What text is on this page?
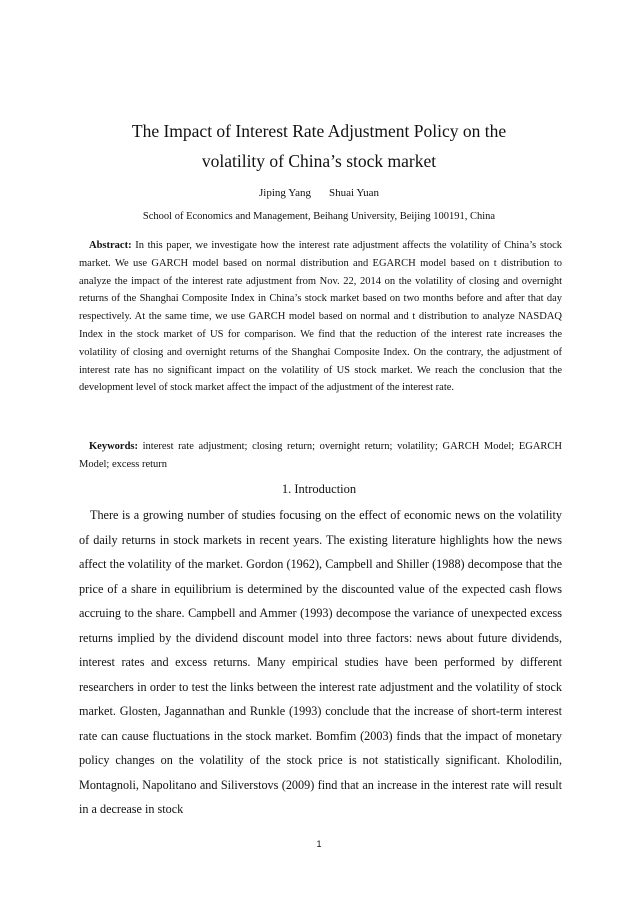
The Impact of Interest Rate Adjustment Policy on the
volatility of China’s stock market
Jiping Yang Shuai Yuan
School of Economics and Management, Beihang University, Beijing 100191, China

Abstract: In this paper, we investigate how the interest rate adjustment affects the volatility of China’s stock market. We use GARCH model based on normal distribution and EGARCH model based on t distribution to analyze the impact of the interest rate adjustment from Nov. 22, 2014 on the volatility of closing and overnight returns of the Shanghai Composite Index in China’s stock market based on two months before and after that day respectively. At the same time, we use GARCH model based on normal and t distribution to analyze NASDAQ Index in the stock market of US for comparison. We find that the reduction of the interest rate increases the volatility of closing and overnight returns of the Shanghai Composite Index. On the contrary, the adjustment of interest rate has no significant impact on the volatility of US stock market. We reach the conclusion that the development level of stock market affect the impact of the adjustment of the interest rate.

Keywords: interest rate adjustment; closing return; overnight return; volatility; GARCH Model; EGARCH Model; excess return

1. Introduction

There is a growing number of studies focusing on the effect of economic news on the volatility of daily returns in stock markets in recent years. The existing literature highlights how the news affect the volatility of the market. Gordon (1962), Campbell and Shiller (1988) decompose that the price of a share in equilibrium is determined by the discounted value of the expected cash flows accruing to the share. Campbell and Ammer (1993) decompose the variance of unexpected excess returns implied by the dividend discount model into three factors: news about future dividends, interest rates and excess returns. Many empirical studies have been performed by different researchers in order to test the links between the interest rate adjustment and the volatility of stock market. Glosten, Jagannathan and Runkle (1993) conclude that the increase of short-term interest rate can cause fluctuations in the stock market. Bomfim (2003) finds that the impact of monetary policy changes on the volatility of the stock price is not statistically significant. Kholodilin, Montagnoli, Napolitano and Siliverstovs (2009) find that an increase in the interest rate will result in a decrease in stock

1
